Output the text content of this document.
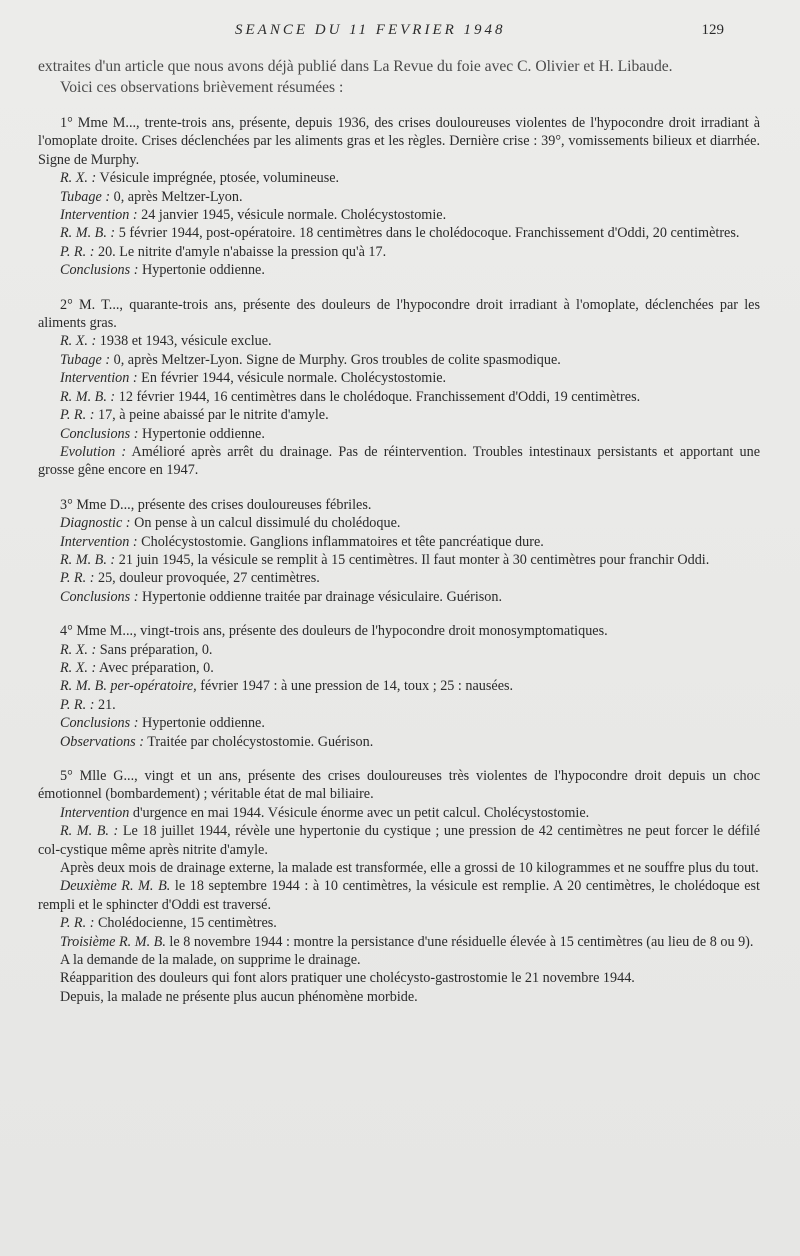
SEANCE DU 11 FEVRIER 1948	129

extraites d'un article que nous avons déjà publié dans La Revue du foie avec C. Olivier et H. Libaude.

Voici ces observations brièvement résumées :

1° Mme M..., trente-trois ans, présente, depuis 1936, des crises douloureuses violentes de l'hypocondre droit irradiant à l'omoplate droite. Crises déclenchées par les aliments gras et les règles. Dernière crise : 39°, vomissements bilieux et diarrhée. Signe de Murphy.

R. X. : Vésicule imprégnée, ptosée, volumineuse.

Tubage : 0, après Meltzer-Lyon.

Intervention : 24 janvier 1945, vésicule normale. Cholécystostomie.

R. M. B. : 5 février 1944, post-opératoire. 18 centimètres dans le cholédocoque. Franchissement d'Oddi, 20 centimètres.

P. R. : 20. Le nitrite d'amyle n'abaisse la pression qu'à 17.

Conclusions : Hypertonie oddienne.

2° M. T..., quarante-trois ans, présente des douleurs de l'hypocondre droit irradiant à l'omoplate, déclenchées par les aliments gras.

R. X. : 1938 et 1943, vésicule exclue.

Tubage : 0, après Meltzer-Lyon. Signe de Murphy. Gros troubles de colite spasmodique.

Intervention : En février 1944, vésicule normale. Cholécystostomie.

R. M. B. : 12 février 1944, 16 centimètres dans le cholédoque. Franchissement d'Oddi, 19 centimètres.

P. R. : 17, à peine abaissé par le nitrite d'amyle.

Conclusions : Hypertonie oddienne.

Evolution : Amélioré après arrêt du drainage. Pas de réintervention. Troubles intestinaux persistants et apportant une grosse gêne encore en 1947.

3° Mme D..., présente des crises douloureuses fébriles.

Diagnostic : On pense à un calcul dissimulé du cholédoque.

Intervention : Cholécystostomie. Ganglions inflammatoires et tête pancréatique dure.

R. M. B. : 21 juin 1945, la vésicule se remplit à 15 centimètres. Il faut monter à 30 centimètres pour franchir Oddi.

P. R. : 25, douleur provoquée, 27 centimètres.

Conclusions : Hypertonie oddienne traitée par drainage vésiculaire. Guérison.

4° Mme M..., vingt-trois ans, présente des douleurs de l'hypocondre droit monosymptomatiques.

R. X. : Sans préparation, 0.

R. X. : Avec préparation, 0.

R. M. B. per-opératoire, février 1947 : à une pression de 14, toux ; 25 : nausées.

P. R. : 21.

Conclusions : Hypertonie oddienne.

Observations : Traitée par cholécystostomie. Guérison.

5° Mlle G..., vingt et un ans, présente des crises douloureuses très violentes de l'hypocondre droit depuis un choc émotionnel (bombardement) ; véritable état de mal biliaire.

Intervention d'urgence en mai 1944. Vésicule énorme avec un petit calcul. Cholécystostomie.

R. M. B. : Le 18 juillet 1944, révèle une hypertonie du cystique ; une pression de 42 centimètres ne peut forcer le défilé col-cystique même après nitrite d'amyle.

Après deux mois de drainage externe, la malade est transformée, elle a grossi de 10 kilogrammes et ne souffre plus du tout.

Deuxième R. M. B. le 18 septembre 1944 : à 10 centimètres, la vésicule est remplie. A 20 centimètres, le cholédoque est rempli et le sphincter d'Oddi est traversé.

P. R. : Cholédocienne, 15 centimètres.

Troisième R. M. B. le 8 novembre 1944 : montre la persistance d'une résiduelle élevée à 15 centimètres (au lieu de 8 ou 9).

A la demande de la malade, on supprime le drainage.

Réapparition des douleurs qui font alors pratiquer une cholécysto-gastrostomie le 21 novembre 1944.

Depuis, la malade ne présente plus aucun phénomène morbide.
